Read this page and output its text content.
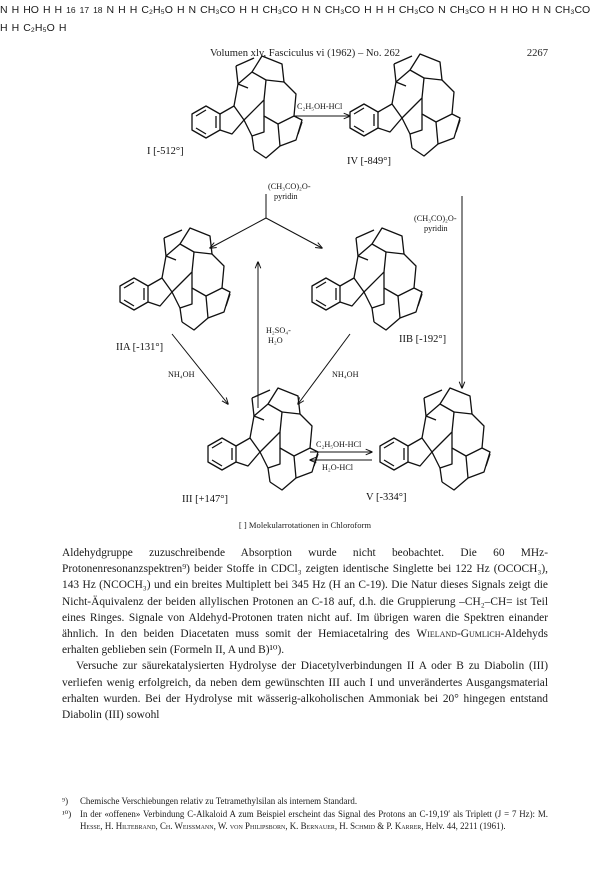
Volumen xlv, Fasciculus vi (1962) – No. 262	2267
I [-512°]
IV [-849°]
IIA [-131°]
IIB [-192°]
III [+147°]	V [-334°]
C₂H₅OH-HCl
(CH₃CO)₂O-
pyridin
(CH₃CO)₂O-
pyridin
H₂SO₄-
H₂O
NH₄OH	NH₄OH
C₂H₅OH-HCl
H₂O-HCl
N H HO H H 16 17 18 N H H C₂H₅O H N CH₃CO H H CH₃CO H N CH₃CO H H H CH₃CO N CH₃CO H H HO H N CH₃CO H H C₂H₅O H
[ ] Molekularrotationen in Chloroform

Aldehydgruppe zuzuschreibende Absorption wurde nicht beobachtet. Die 60 MHz-Protonenresonanzspektren⁹) beider Stoffe in CDCl₃ zeigten identische Singlette bei 122 Hz (OCOCH₃), 143 Hz (NCOCH₃) und ein breites Multiplett bei 345 Hz (H an C-19). Die Natur dieses Signals zeigt die Nicht-Äquivalenz der beiden allylischen Protonen an C-18 auf, d.h. die Gruppierung –CH₂–CH= ist Teil eines Ringes. Signale von Aldehyd-Protonen traten nicht auf. Im übrigen waren die Spektren einander ähnlich. In den beiden Diacetaten muss somit der Hemiacetalring des Wieland-Gumlich-Aldehyds erhalten geblieben sein (Formeln II, A und B)¹⁰).

Versuche zur säurekatalysierten Hydrolyse der Diacetylverbindungen II A oder B zu Diabolin (III) verliefen wenig erfolgreich, da neben dem gewünschten III auch I und unverändertes Ausgangsmaterial erhalten wurden. Bei der Hydrolyse mit wässerig-alkoholischen Ammoniak bei 20° hingegen entstand Diabolin (III) sowohl

⁹)	Chemische Verschiebungen relativ zu Tetramethylsilan als internem Standard.
¹⁰) In der «offenen» Verbindung C-Alkaloid A zum Beispiel erscheint das Signal des Protons an C-19,19′ als Triplett (J = 7 Hz): M. Hesse, H. Hiltebrand, Ch. Weissmann, W. von Philipsborn, K. Bernauer, H. Schmid & P. Karrer, Helv. 44, 2211 (1961).
